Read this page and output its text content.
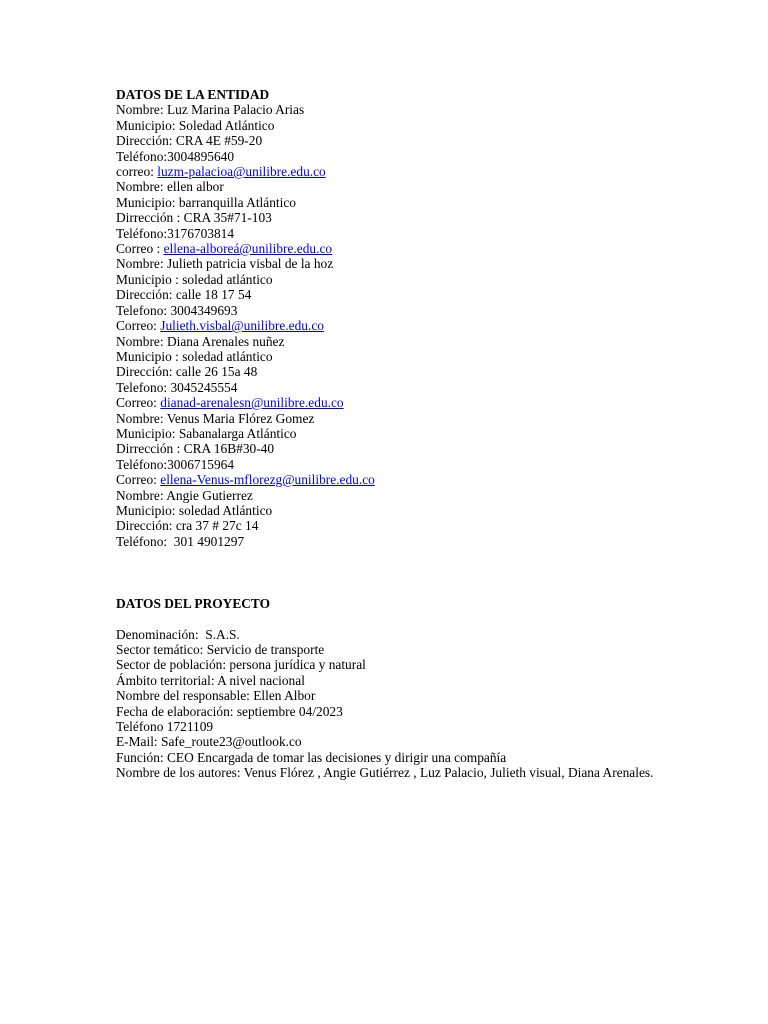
DATOS DE LA ENTIDAD
Nombre: Luz Marina Palacio Arias
Municipio: Soledad Atlántico
Dirección: CRA 4E #59-20
Teléfono:3004895640
correo: luzm-palacioa@unilibre.edu.co
Nombre: ellen albor
Municipio: barranquilla Atlántico
Dirrección : CRA 35#71-103
Teléfono:3176703814
Correo : ellena-alboreá@unilibre.edu.co
Nombre: Julieth patricia visbal de la hoz
Municipio : soledad atlántico
Dirección: calle 18 17 54
Telefono: 3004349693
Correo: Julieth.visbal@unilibre.edu.co
Nombre: Diana Arenales nuñez
Municipio : soledad atlántico
Dirección: calle 26 15a 48
Telefono: 3045245554
Correo: dianad-arenalesn@unilibre.edu.co
Nombre: Venus Maria Flórez Gomez
Municipio: Sabanalarga Atlántico
Dirrección : CRA 16B#30-40
Teléfono:3006715964
Correo: ellena-Venus-mflorezg@unilibre.edu.co
Nombre: Angie Gutierrez
Municipio: soledad Atlántico
Dirección: cra 37 # 27c 14
Teléfono:  301 4901297
DATOS DEL PROYECTO
Denominación:  S.A.S.
Sector temático: Servicio de transporte
Sector de población: persona jurídica y natural
Ámbito territorial: A nivel nacional
Nombre del responsable: Ellen Albor
Fecha de elaboración: septiembre 04/2023
Teléfono 1721109
E-Mail: Safe_route23@outlook.co
Función: CEO Encargada de tomar las decisiones y dirigir una compañía
Nombre de los autores: Venus Flórez , Angie Gutiérrez , Luz Palacio, Julieth visual, Diana Arenales.
